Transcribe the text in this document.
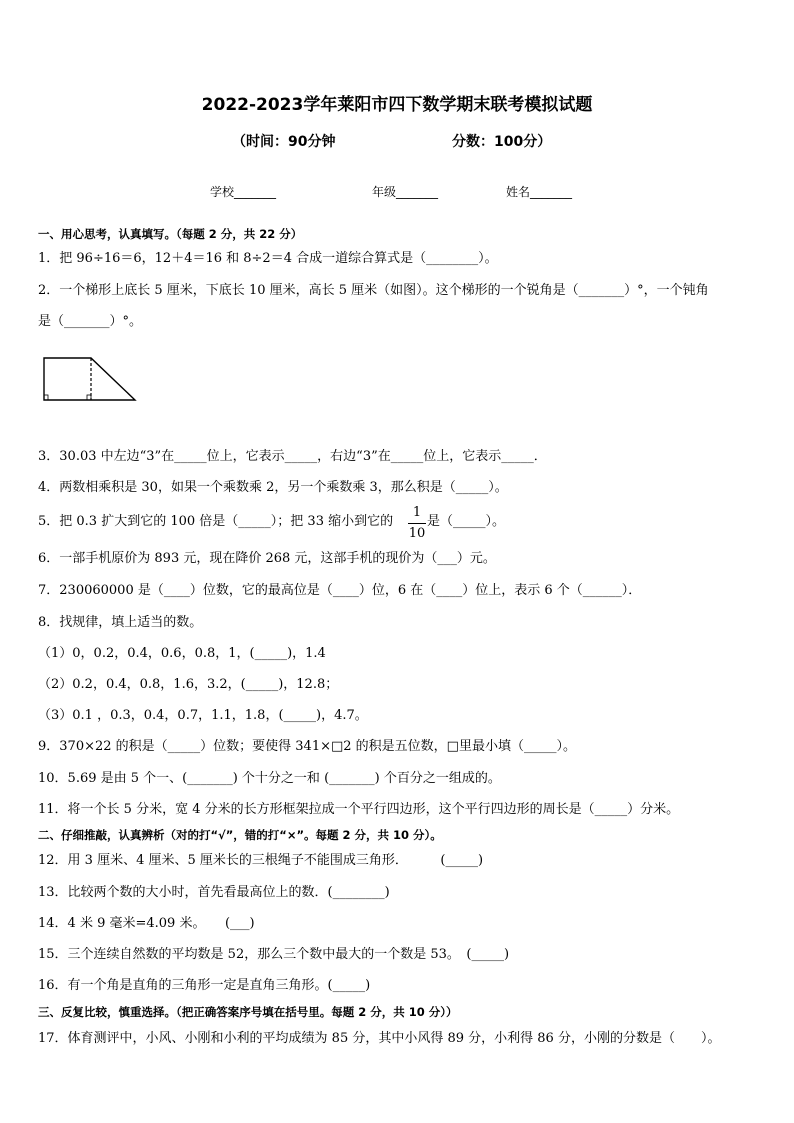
2022-2023学年莱阳市四下数学期末联考模拟试题
（时间：90分钟	分数：100分）
学校_______	年级_______	姓名_______
一、用心思考，认真填写。（每题 2 分，共 22 分）
1．把 96÷16＝6，12＋4＝16 和 8÷2＝4 合成一道综合算式是（________）。
2．一个梯形上底长 5 厘米，下底长 10 厘米，高长 5 厘米（如图）。这个梯形的一个锐角是（_______）°，一个钝角
是（_______）°。
3．30.03 中左边“3”在_____位上，它表示_____，右边“3”在_____位上，它表示_____．
4．两数相乘积是 30，如果一个乘数乘 2，另一个乘数乘 3，那么积是（_____）。
5．把 0.3 扩大到它的 100 倍是（_____）；把 33 缩小到它的
1
10
是（_____）。
6．一部手机原价为 893 元，现在降价 268 元，这部手机的现价为（___）元。
7．230060000 是（____）位数，它的最高位是（____）位，6 在（____）位上，表示 6 个（______）．
8．找规律，填上适当的数。
（1）0，0.2，0.4，0.6，0.8，1，(_____)，1.4
（2）0.2，0.4，0.8，1.6，3.2，(_____)，12.8；
（3）0.1 ，0.3，0.4，0.7，1.1，1.8，(_____)，4.7。
9．370×22 的积是（_____）位数；要使得 341×□2 的积是五位数，□里最小填（_____）。
10．5.69 是由 5 个一、(_______) 个十分之一和 (_______) 个百分之一组成的。
11．将一个长 5 分米，宽 4 分米的长方形框架拉成一个平行四边形，这个平行四边形的周长是（_____）分米。
二、仔细推敲，认真辨析（对的打“√”，错的打“×”。每题 2 分，共 10 分）。
12．用 3 厘米、4 厘米、5 厘米长的三根绳子不能围成三角形．　　　(_____)
13．比较两个数的大小时，首先看最高位上的数．(________)
14．4 米 9 毫米=4.09 米。　　(___)
15．三个连续自然数的平均数是 52，那么三个数中最大的一个数是 53。　(_____)
16．有一个角是直角的三角形一定是直角三角形。(_____)
三、反复比较，慎重选择。（把正确答案序号填在括号里。每题 2 分，共 10 分））
17．体育测评中，小风、小刚和小利的平均成绩为 85 分，其中小风得 89 分，小利得 86 分，小刚的分数是（　　）。
